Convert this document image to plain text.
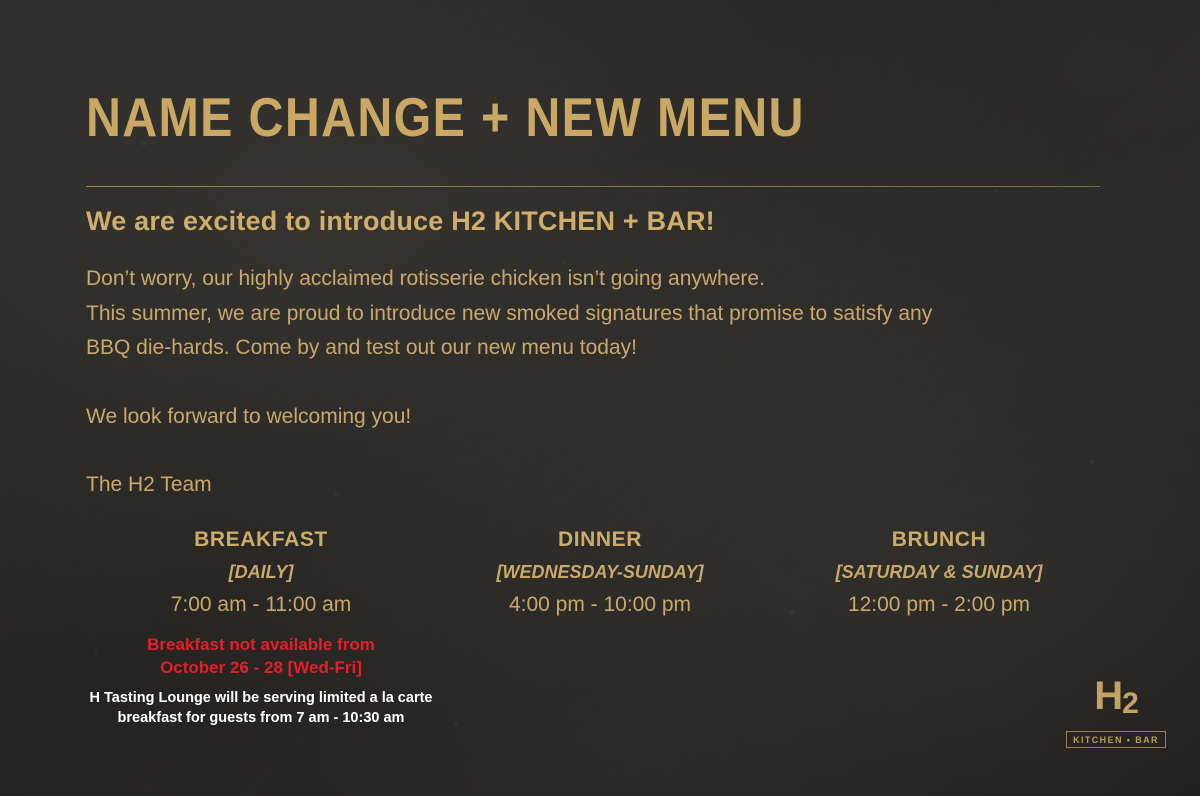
NAME CHANGE + NEW MENU
We are excited to introduce H2 KITCHEN + BAR!

Don’t worry, our highly acclaimed rotisserie chicken isn’t going anywhere.

This summer, we are proud to introduce new smoked signatures that promise to satisfy any

BBQ die-hards. Come by and test out our new menu today!

We look forward to welcoming you!

The H2 Team

BREAKFAST
[DAILY]
7:00 am - 11:00 am
DINNER
[WEDNESDAY-SUNDAY]
4:00 pm - 10:00 pm
BRUNCH
[SATURDAY & SUNDAY]
12:00 pm - 2:00 pm
Breakfast not available from
October 26 - 28 [Wed-Fri]
H Tasting Lounge will be serving limited a la carte
breakfast for guests from 7 am - 10:30 am	H2
KITCHEN • BAR
